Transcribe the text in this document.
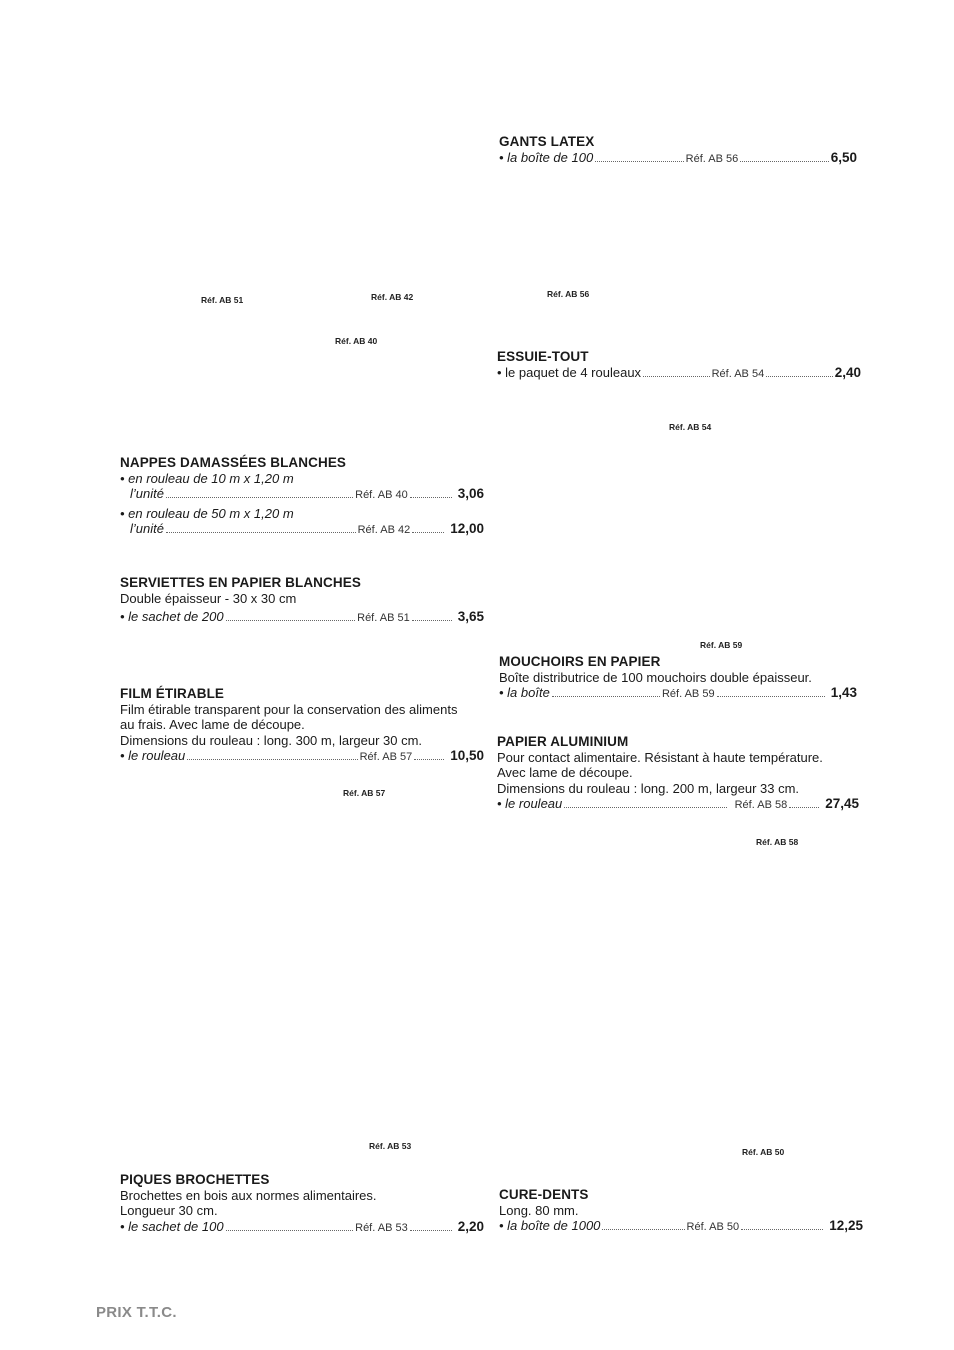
Réf. AB 51	Réf. AB 42	Réf. AB 56
Réf. AB 40
Réf. AB 54
Réf. AB 59
Réf. AB 57
Réf. AB 58
Réf. AB 53
Réf. AB 50
GANTS LATEX
• la boîte de 100	Réf. AB 56	6,50
ESSUIE-TOUT
• le paquet de 4 rouleaux	Réf. AB 54	2,40
NAPPES DAMASSÉES BLANCHES
• en rouleau de 10 m x 1,20 m
l’unité	Réf. AB 40	3,06
• en rouleau de 50 m x 1,20 m
l’unité	Réf. AB 42	12,00
SERVIETTES EN PAPIER BLANCHES
Double épaisseur - 30 x 30 cm
• le sachet de 200	Réf. AB 51	3,65
MOUCHOIRS EN PAPIER
Boîte distributrice de 100 mouchoirs double épaisseur.
• la boîte	Réf. AB 59	1,43
FILM ÉTIRABLE
Film étirable transparent pour la conservation des aliments
au frais. Avec lame de découpe.
Dimensions du rouleau : long. 300 m, largeur 30 cm.
• le rouleau	Réf. AB 57	10,50
PAPIER ALUMINIUM
Pour contact alimentaire. Résistant à haute température.
Avec lame de découpe.
Dimensions du rouleau : long. 200 m, largeur 33 cm.
• le rouleau	Réf. AB 58	27,45
PIQUES BROCHETTES
Brochettes en bois aux normes alimentaires.
Longueur 30 cm.
• le sachet de 100	Réf. AB 53	2,20
CURE-DENTS
Long. 80 mm.
• la boîte de 1000	Réf. AB 50	12,25
PRIX T.T.C.
